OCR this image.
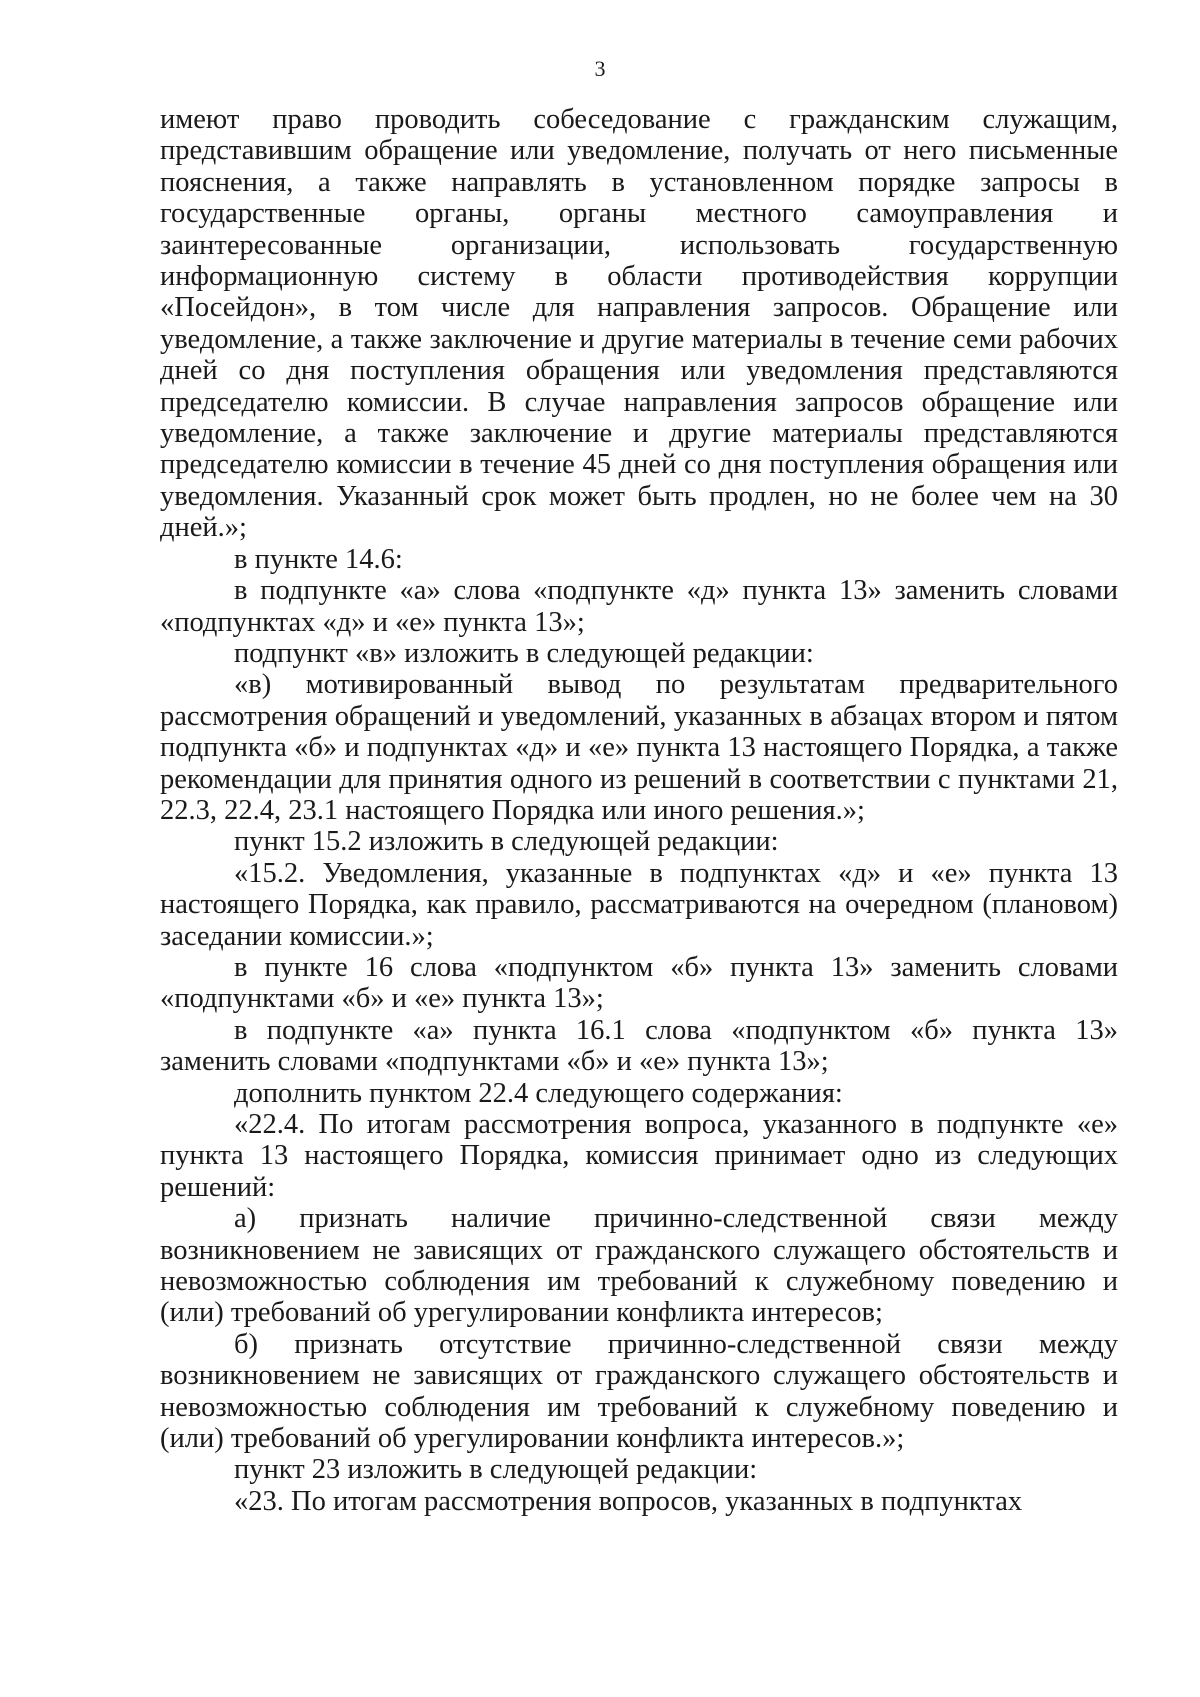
3

имеют право проводить собеседование с гражданским служащим, представившим обращение или уведомление, получать от него письменные пояснения, а также направлять в установленном порядке запросы в государственные органы, органы местного самоуправления и заинтересованные организации, использовать государственную информационную систему в области противодействия коррупции «Посейдон», в том числе для направления запросов. Обращение или уведомление, а также заключение и другие материалы в течение семи рабочих дней со дня поступления обращения или уведомления представляются председателю комиссии. В случае направления запросов обращение или уведомление, а также заключение и другие материалы представляются председателю комиссии в течение 45 дней со дня поступления обращения или уведомления. Указанный срок может быть продлен, но не более чем на 30 дней.»;

в пункте 14.6:

в подпункте «а» слова «подпункте «д» пункта 13» заменить словами «подпунктах «д» и «е» пункта 13»;

подпункт «в» изложить в следующей редакции:

«в) мотивированный вывод по результатам предварительного рассмотрения обращений и уведомлений, указанных в абзацах втором и пятом подпункта «б» и подпунктах «д» и «е» пункта 13 настоящего Порядка, а также рекомендации для принятия одного из решений в соответствии с пунктами 21, 22.3, 22.4, 23.1 настоящего Порядка или иного решения.»;

пункт 15.2 изложить в следующей редакции:

«15.2. Уведомления, указанные в подпунктах «д» и «е» пункта 13 настоящего Порядка, как правило, рассматриваются на очередном (плановом) заседании комиссии.»;

в пункте 16 слова «подпунктом «б» пункта 13» заменить словами «подпунктами «б» и «е» пункта 13»;

в подпункте «а» пункта 16.1 слова «подпунктом «б» пункта 13» заменить словами «подпунктами «б» и «е» пункта 13»;

дополнить пунктом 22.4 следующего содержания:

«22.4. По итогам рассмотрения вопроса, указанного в подпункте «е» пункта 13 настоящего Порядка, комиссия принимает одно из следующих решений:

а) признать наличие причинно-следственной связи между возникновением не зависящих от гражданского служащего обстоятельств и невозможностью соблюдения им требований к служебному поведению и (или) требований об урегулировании конфликта интересов;

б) признать отсутствие причинно-следственной связи между возникновением не зависящих от гражданского служащего обстоятельств и невозможностью соблюдения им требований к служебному поведению и (или) требований об урегулировании конфликта интересов.»;

пункт 23 изложить в следующей редакции:

«23. По итогам рассмотрения вопросов, указанных в подпунктах
